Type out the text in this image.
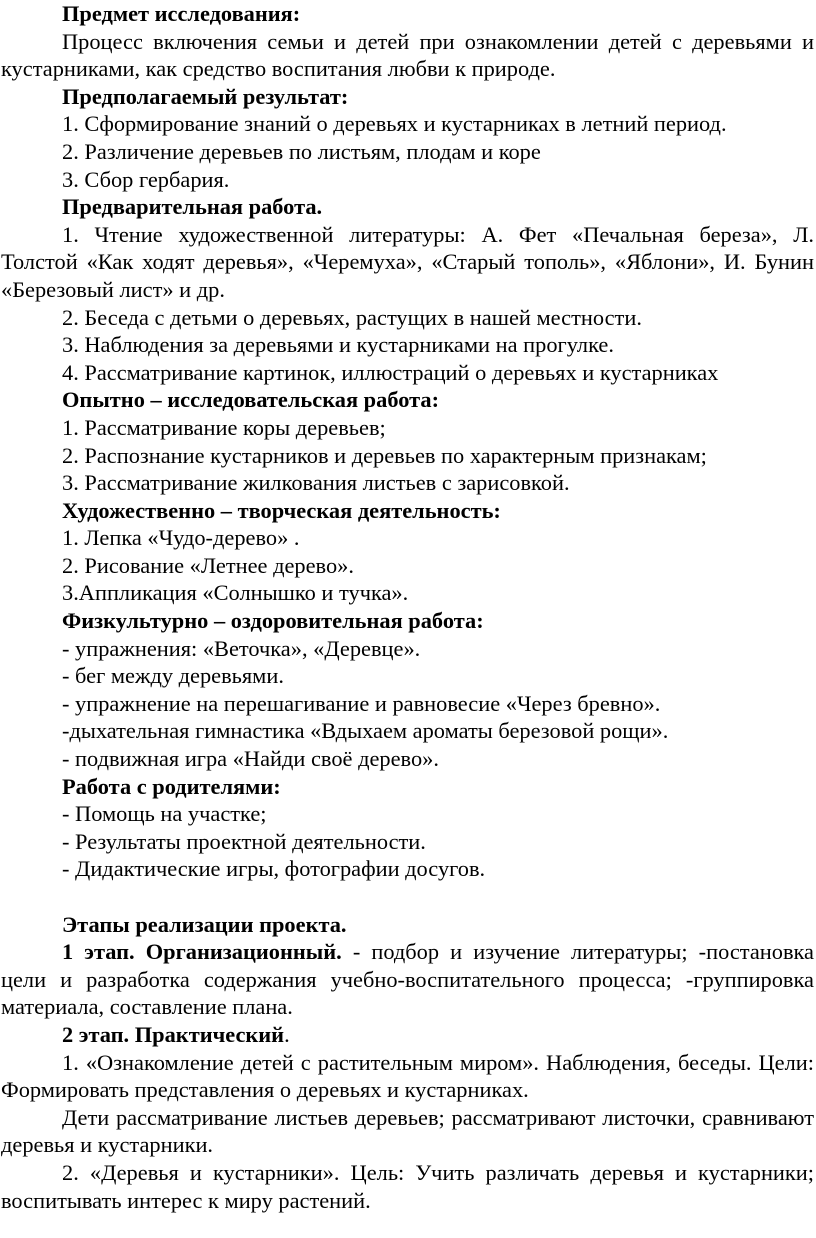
Предмет исследования:

Процесс включения семьи и детей при ознакомлении детей с деревьями и кустарниками, как средство воспитания любви к природе.

Предполагаемый результат:

1. Сформирование знаний о деревьях и кустарниках в летний период.

2. Различение деревьев по листьям, плодам и коре

3. Сбор гербария.

Предварительная работа.

1. Чтение художественной литературы: А. Фет «Печальная береза», Л. Толстой «Как ходят деревья», «Черемуха», «Старый тополь», «Яблони», И. Бунин «Березовый лист» и др.

2. Беседа с детьми о деревьях, растущих в нашей местности.

3. Наблюдения за деревьями и кустарниками на прогулке.

4. Рассматривание картинок, иллюстраций о деревьях и кустарниках

Опытно – исследовательская работа:

1. Рассматривание коры деревьев;

2. Распознание кустарников и деревьев по характерным признакам;

3. Рассматривание жилкования листьев с зарисовкой.

Художественно – творческая деятельность:

1. Лепка «Чудо-дерево» .

2. Рисование «Летнее дерево».

3.Аппликация «Солнышко и тучка».

Физкультурно – оздоровительная работа:

- упражнения: «Веточка», «Деревце».

- бег между деревьями.

- упражнение на перешагивание и равновесие «Через бревно».

-дыхательная гимнастика «Вдыхаем ароматы березовой рощи».

- подвижная игра «Найди своё дерево».

Работа с родителями:

- Помощь на участке;

- Результаты проектной деятельности.

- Дидактические игры, фотографии досугов.

Этапы реализации проекта.

1 этап. Организационный. - подбор и изучение литературы; -постановка цели и разработка содержания учебно-воспитательного процесса; -группировка материала, составление плана.

2 этап. Практический.

1. «Ознакомление детей с растительным миром». Наблюдения, беседы. Цели: Формировать представления о деревьях и кустарниках.

Дети рассматривание листьев деревьев; рассматривают листочки, сравнивают деревья и кустарники.

2. «Деревья и кустарники». Цель: Учить различать деревья и кустарники; воспитывать интерес к миру растений.
